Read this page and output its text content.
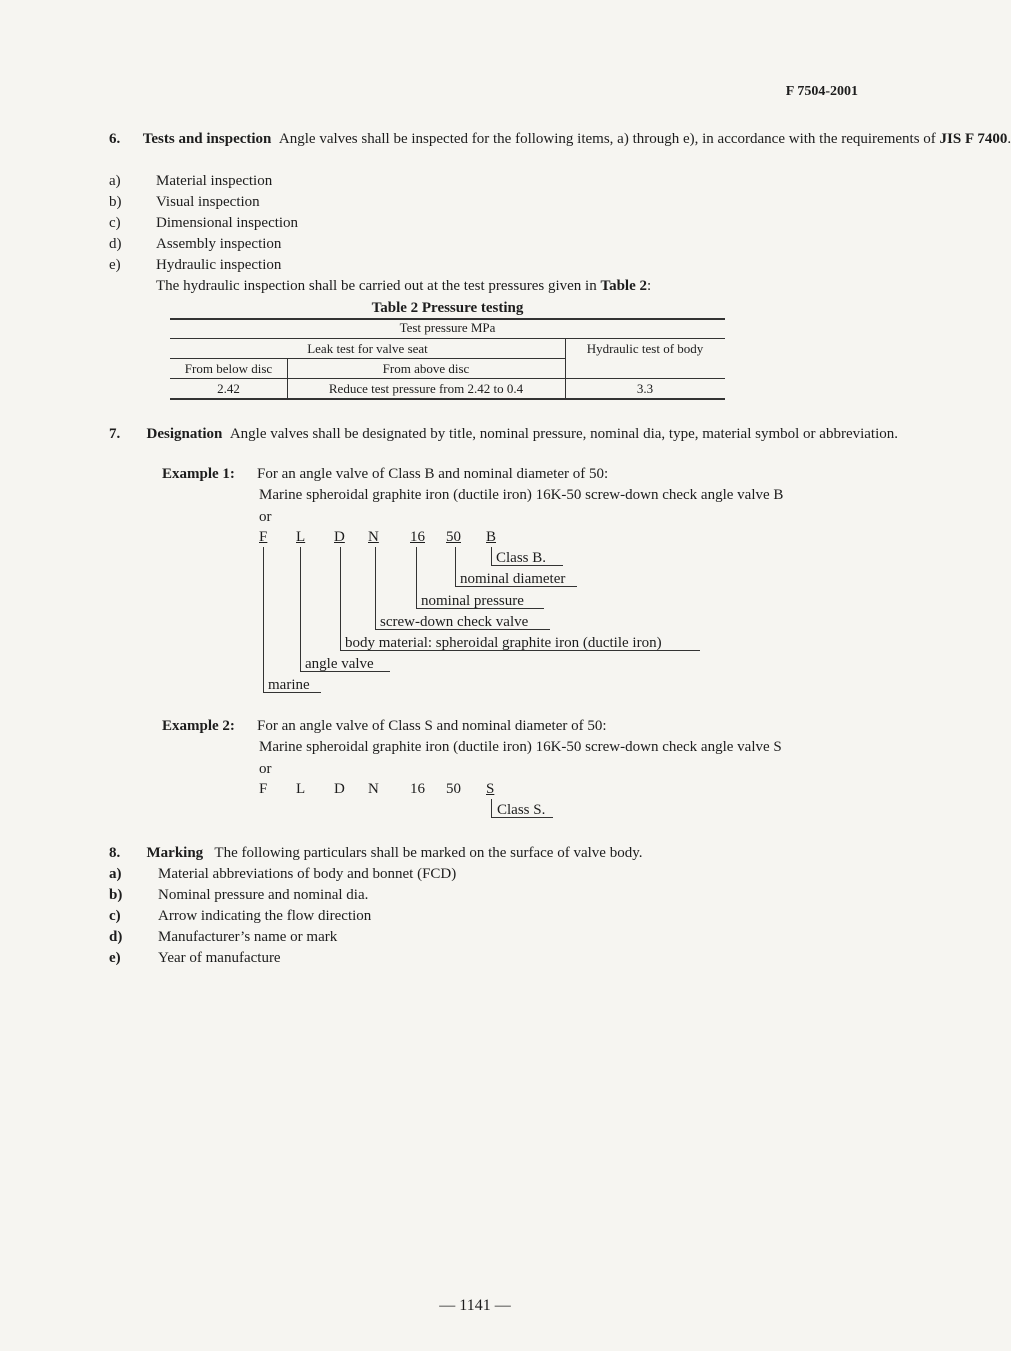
F 7504-2001
6. Tests and inspection Angle valves shall be inspected for the following items, a) through e), in accordance with the requirements of JIS F 7400.
a) Material inspection
b) Visual inspection
c) Dimensional inspection
d) Assembly inspection
e) Hydraulic inspection
The hydraulic inspection shall be carried out at the test pressures given in Table 2:
Table 2 Pressure testing
Test pressure MPa
Leak test for valve seat	Hydraulic test of body
From below disc	From above disc
2.42	Reduce test pressure from 2.42 to 0.4	3.3
7. Designation Angle valves shall be designated by title, nominal pressure, nominal dia, type, material symbol or abbreviation.
Example 1: For an angle valve of Class B and nominal diameter of 50:
Marine spheroidal graphite iron (ductile iron) 16K-50 screw-down check angle valve B
or
F L D N 16 50 B
Class B.
nominal diameter
nominal pressure
screw-down check valve
body material: spheroidal graphite iron (ductile iron)
angle valve
marine
Example 2: For an angle valve of Class S and nominal diameter of 50:
Marine spheroidal graphite iron (ductile iron) 16K-50 screw-down check angle valve S
or
F L D N 16 50 S
Class S.
8. Marking The following particulars shall be marked on the surface of valve body.
a) Material abbreviations of body and bonnet (FCD)
b) Nominal pressure and nominal dia.
c) Arrow indicating the flow direction
d) Manufacturer’s name or mark
e) Year of manufacture
— 1141 —
